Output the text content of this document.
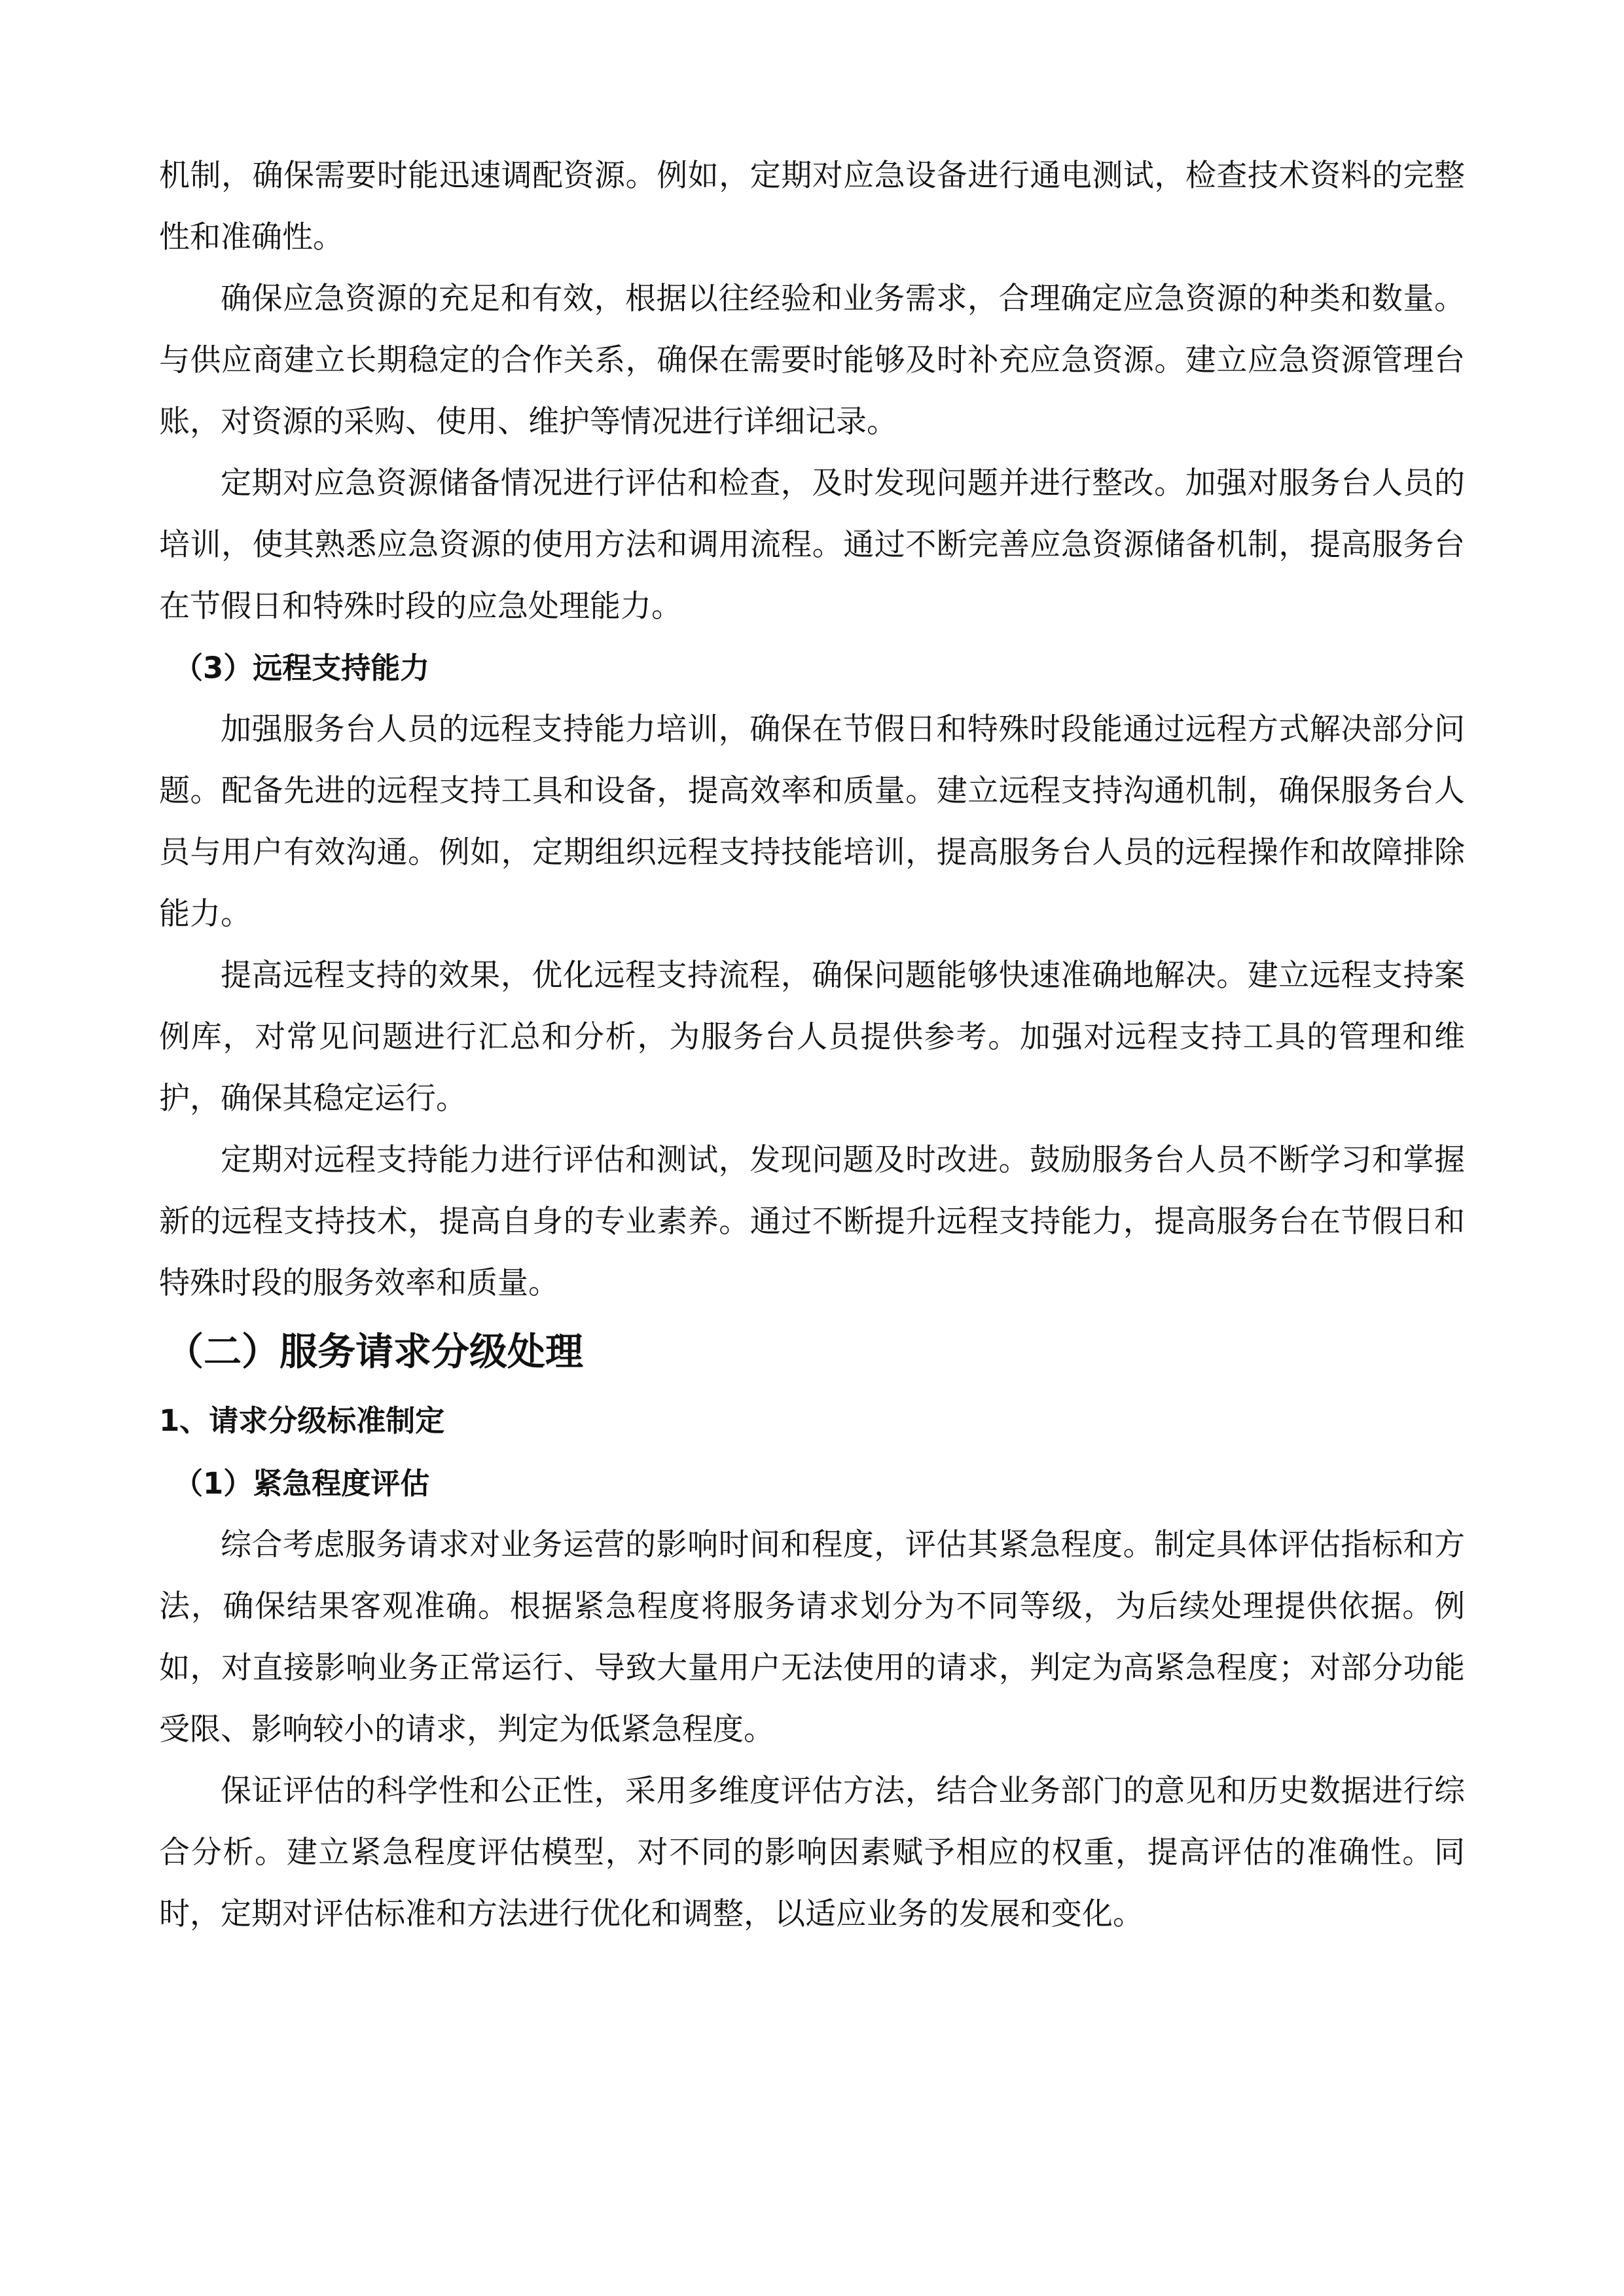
机制，确保需要时能迅速调配资源。例如，定期对应急设备进行通电测试，检查技术资料的完整性和准确性。

确保应急资源的充足和有效，根据以往经验和业务需求，合理确定应急资源的种类和数量。与供应商建立长期稳定的合作关系，确保在需要时能够及时补充应急资源。建立应急资源管理台账，对资源的采购、使用、维护等情况进行详细记录。

定期对应急资源储备情况进行评估和检查，及时发现问题并进行整改。加强对服务台人员的培训，使其熟悉应急资源的使用方法和调用流程。通过不断完善应急资源储备机制，提高服务台在节假日和特殊时段的应急处理能力。

（3）远程支持能力

加强服务台人员的远程支持能力培训，确保在节假日和特殊时段能通过远程方式解决部分问题。配备先进的远程支持工具和设备，提高效率和质量。建立远程支持沟通机制，确保服务台人员与用户有效沟通。例如，定期组织远程支持技能培训，提高服务台人员的远程操作和故障排除能力。

提高远程支持的效果，优化远程支持流程，确保问题能够快速准确地解决。建立远程支持案例库，对常见问题进行汇总和分析，为服务台人员提供参考。加强对远程支持工具的管理和维护，确保其稳定运行。

定期对远程支持能力进行评估和测试，发现问题及时改进。鼓励服务台人员不断学习和掌握新的远程支持技术，提高自身的专业素养。通过不断提升远程支持能力，提高服务台在节假日和特殊时段的服务效率和质量。

（二）服务请求分级处理

1、请求分级标准制定

（1）紧急程度评估

综合考虑服务请求对业务运营的影响时间和程度，评估其紧急程度。制定具体评估指标和方法，确保结果客观准确。根据紧急程度将服务请求划分为不同等级，为后续处理提供依据。例如，对直接影响业务正常运行、导致大量用户无法使用的请求，判定为高紧急程度；对部分功能受限、影响较小的请求，判定为低紧急程度。

保证评估的科学性和公正性，采用多维度评估方法，结合业务部门的意见和历史数据进行综合分析。建立紧急程度评估模型，对不同的影响因素赋予相应的权重，提高评估的准确性。同时，定期对评估标准和方法进行优化和调整，以适应业务的发展和变化。
